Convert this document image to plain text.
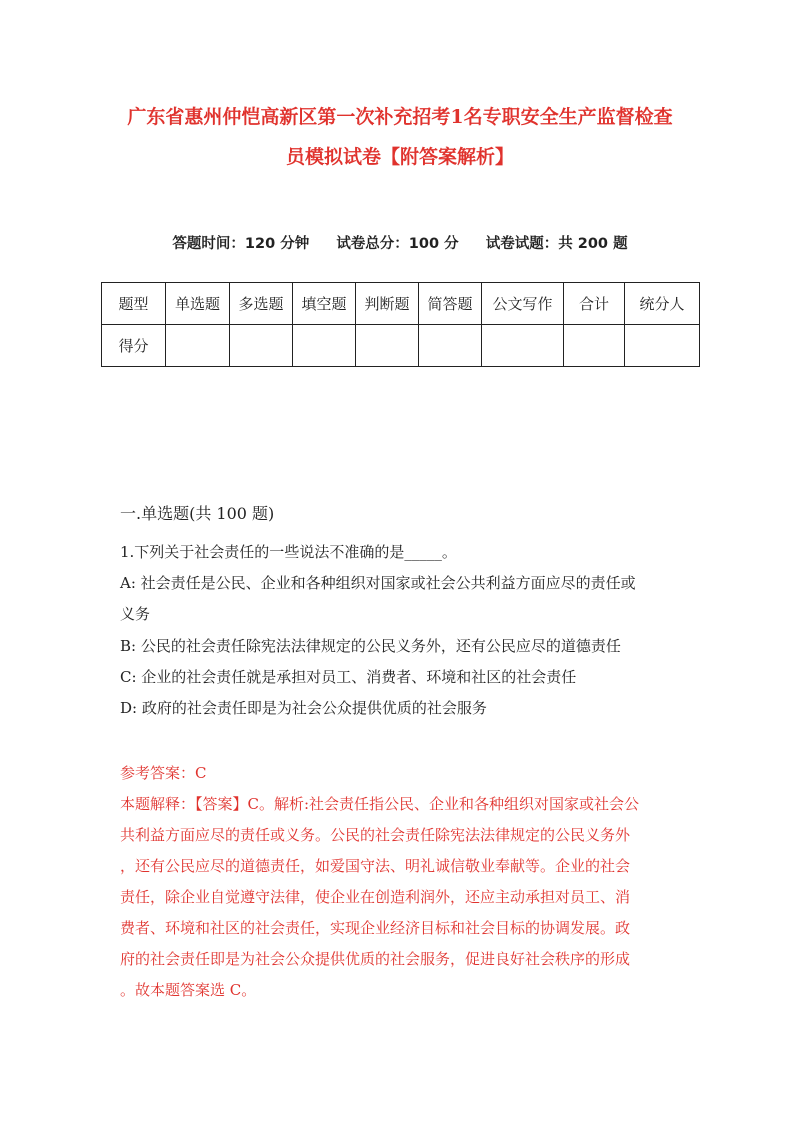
广东省惠州仲恺高新区第一次补充招考1名专职安全生产监督检查
员模拟试卷【附答案解析】
答题时间：120 分钟 试卷总分：100 分 试卷试题：共 200 题
题型	单选题	多选题	填空题	判断题	简答题	公文写作	合计	统分人
得分								
一.单选题(共 100 题)
1.下列关于社会责任的一些说法不准确的是_____。
A: 社会责任是公民、企业和各种组织对国家或社会公共利益方面应尽的责任或
义务
B: 公民的社会责任除宪法法律规定的公民义务外，还有公民应尽的道德责任
C: 企业的社会责任就是承担对员工、消费者、环境和社区的社会责任
D: 政府的社会责任即是为社会公众提供优质的社会服务
参考答案：C
本题解释：【答案】C。解析:社会责任指公民、企业和各种组织对国家或社会公
共利益方面应尽的责任或义务。公民的社会责任除宪法法律规定的公民义务外
，还有公民应尽的道德责任，如爱国守法、明礼诚信敬业奉献等。企业的社会
责任，除企业自觉遵守法律，使企业在创造利润外，还应主动承担对员工、消
费者、环境和社区的社会责任，实现企业经济目标和社会目标的协调发展。政
府的社会责任即是为社会公众提供优质的社会服务，促进良好社会秩序的形成
。故本题答案选 C。
